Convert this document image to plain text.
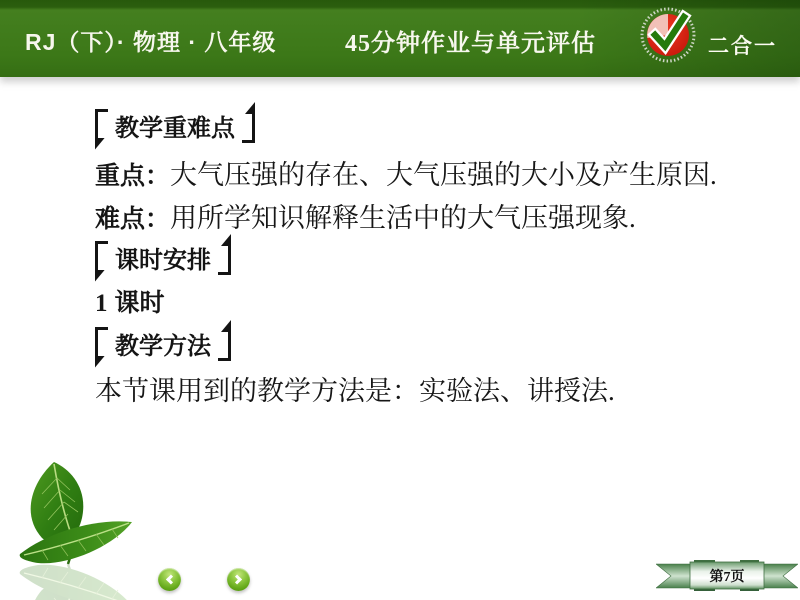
RJ（下）· 物理 · 八年级	45分钟作业与单元评估	二合一
教学重难点
重点：大气压强的存在、大气压强的大小及产生原因.
难点：用所学知识解释生活中的大气压强现象.
课时安排
1 课时
教学方法
本节课用到的教学方法是：实验法、讲授法.
第7页
